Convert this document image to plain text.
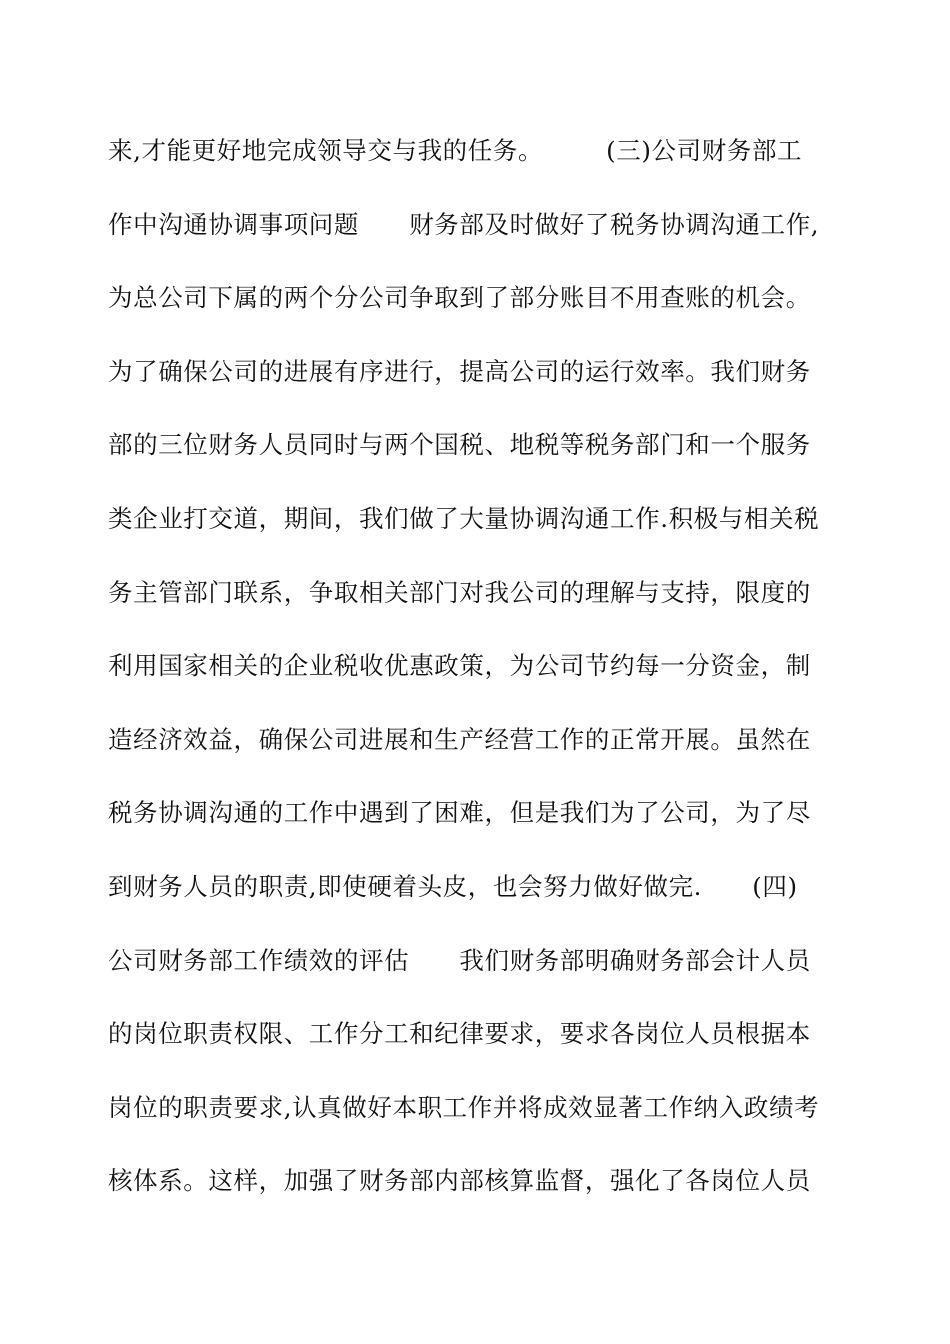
来,才能更好地完成领导交与我的任务。　　　(三)公司财务部工
作中沟通协调事项问题　　财务部及时做好了税务协调沟通工作,
为总公司下属的两个分公司争取到了部分账目不用查账的机会。
为了确保公司的进展有序进行，提高公司的运行效率。我们财务
部的三位财务人员同时与两个国税、地税等税务部门和一个服务
类企业打交道，期间，我们做了大量协调沟通工作.积极与相关税
务主管部门联系，争取相关部门对我公司的理解与支持，限度的
利用国家相关的企业税收优惠政策，为公司节约每一分资金，制
造经济效益，确保公司进展和生产经营工作的正常开展。虽然在
税务协调沟通的工作中遇到了困难，但是我们为了公司，为了尽
到财务人员的职责,即使硬着头皮，也会努力做好做完.　　(四)
公司财务部工作绩效的评估　　我们财务部明确财务部会计人员
的岗位职责权限、工作分工和纪律要求，要求各岗位人员根据本
岗位的职责要求,认真做好本职工作并将成效显著工作纳入政绩考
核体系。这样，加强了财务部内部核算监督，强化了各岗位人员
